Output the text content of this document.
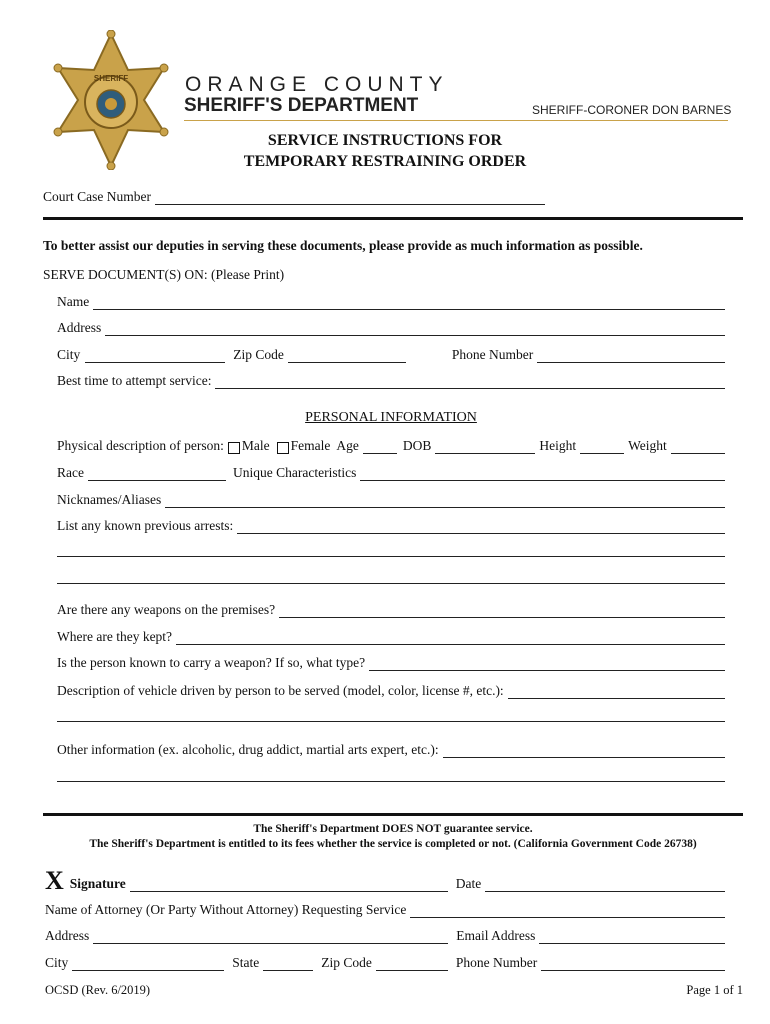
SHERIFF	ORANGE COUNTY
SHERIFF'S DEPARTMENT	SHERIFF-CORONER DON BARNES
SERVICE INSTRUCTIONS FOR
TEMPORARY RESTRAINING ORDER
Court Case Number
To better assist our deputies in serving these documents, please provide as much information as possible.
SERVE DOCUMENT(S) ON: (Please Print)
Name
Address
City	Zip Code	Phone Number
Best time to attempt service:
PERSONAL INFORMATION
Physical description of person: Male Female Age	DOB	Height	Weight
Race	Unique Characteristics
Nicknames/Aliases
List any known previous arrests:
Are there any weapons on the premises?
Where are they kept?
Is the person known to carry a weapon? If so, what type?
Description of vehicle driven by person to be served (model, color, license #, etc.):
Other information (ex. alcoholic, drug addict, martial arts expert, etc.):
The Sheriff's Department DOES NOT guarantee service.
The Sheriff's Department is entitled to its fees whether the service is completed or not. (California Government Code 26738)
X Signature	Date
Name of Attorney (Or Party Without Attorney) Requesting Service
Address	Email Address
City	State	Zip Code	Phone Number
OCSD (Rev. 6/2019)	Page 1 of 1
